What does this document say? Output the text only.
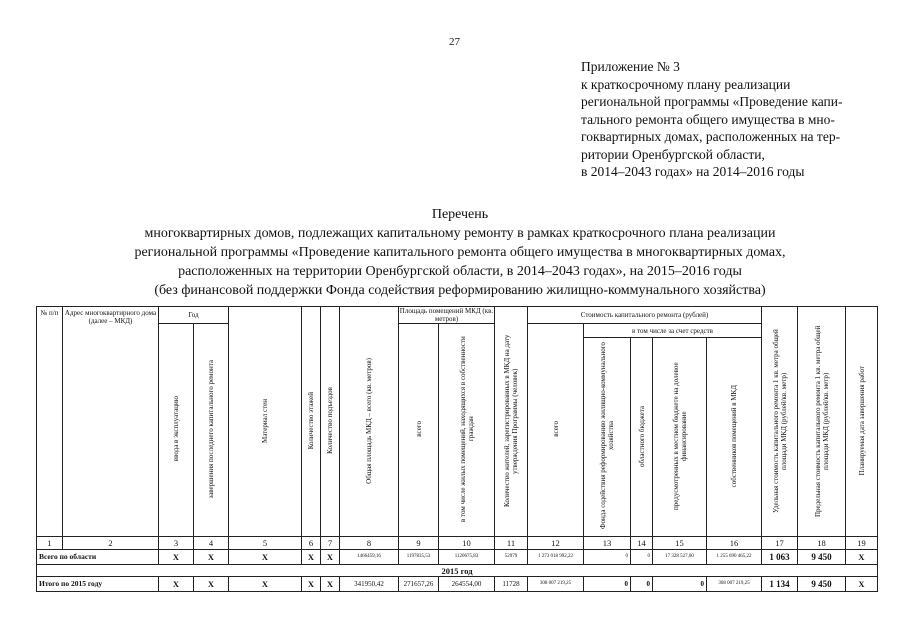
27
Приложение № 3
к краткосрочному плану реализации
региональной программы «Проведение капи-
тального ремонта общего имущества в мно-
гоквартирных домах, расположенных на тер-
ритории Оренбургской области,
в 2014–2043 годах» на 2014–2016 годы
Перечень
многоквартирных домов, подлежащих капитальному ремонту в рамках краткосрочного плана реализации
региональной программы «Проведение капитального ремонта общего имущества в многоквартирных домах,
расположенных на территории Оренбургской области, в 2014–2043 годах», на 2015–2016 годы
(без финансовой поддержки Фонда содействия реформированию жилищно-коммунального хозяйства)
№ п/п	Адрес многоквартирного дома (далее – МКД)	Год		Материал стен	Количество этажей	Количество подъездов	Общая площадь МКД – всего (кв. метров)	Площадь помещений МКД (кв. метров)		Количество жителей, зарегистрированных в МКД на дату утверждения Программы (человек)	Стоимость капитального ремонта (рублей)					Удельная стоимость капитального ремонта 1 кв. метра общей площади МКД (рублей/кв. метр)	Предельная стоимость капитального ремонта 1 кв. метра общей площади МКД (рублей/кв. метр)	Планируемая дата завершения работ
		ввода в эксплуатацию	завершения последнего капитального ремонта					всего	в том числе жилых помещений, находящихся в собственности граждан		всего	в том числе за счет средств						
												Фонда содействия реформированию жилищно-коммунального хозяйства	областного бюджета	предусмотренных в местном бюджете на долевое финансирование	собственников помещений в МКД			
1	2	3	4	5	6	7	8	9	10	11	12	13	14	15	16	17	18	19
Всего по области		X	X	X	X	X	1466459,16	1197835,53	1120675,83	52979	1 273 018 992,22	0	0	17 328 527,00	1 255 690 465,22	1 063	9 450	X
2015 год																		
Итого по 2015 году		X	X	X	X	X	341950,42	271657,26	264554,00	11728	308 007 219,25	0	0	0	308 007 219,25	1 134	9 450	X
